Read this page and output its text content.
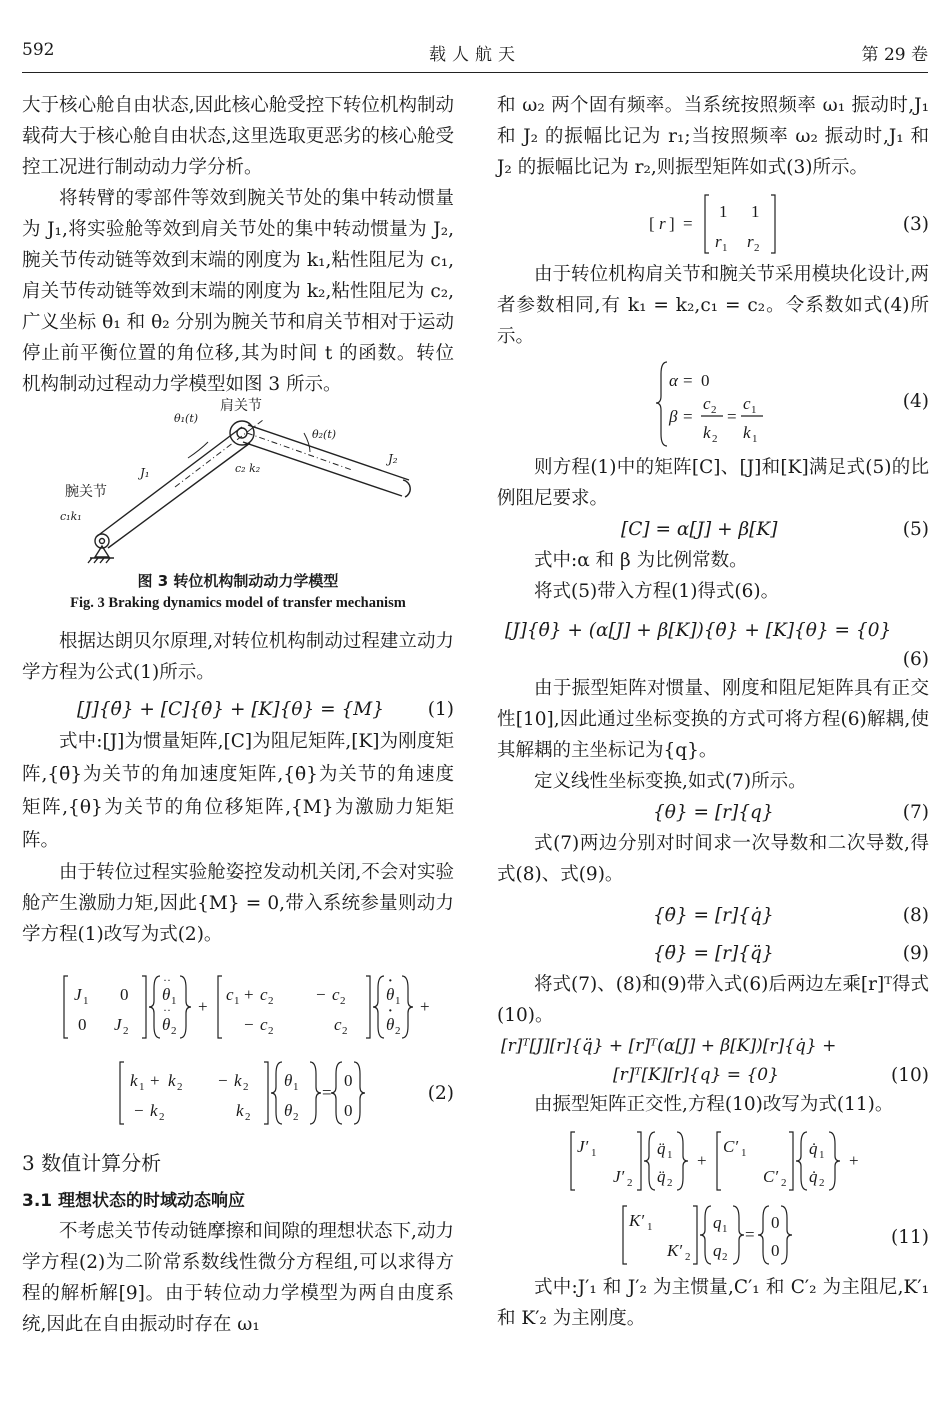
592	载人航天	第 29 卷

大于核心舱自由状态,因此核心舱受控下转位机构制动载荷大于核心舱自由状态,这里选取更恶劣的核心舱受控工况进行制动动力学分析。

将转臂的零部件等效到腕关节处的集中转动惯量为 J₁,将实验舱等效到肩关节处的集中转动惯量为 J₂,腕关节传动链等效到末端的刚度为 k₁,粘性阻尼为 c₁,肩关节传动链等效到末端的刚度为 k₂,粘性阻尼为 c₂,广义坐标 θ₁ 和 θ₂ 分别为腕关节和肩关节相对于运动停止前平衡位置的角位移,其为时间 t 的函数。转位机构制动过程动力学模型如图 3 所示。

肩关节
θ₁(t)
θ₂(t)
J₁
J₂
c₂ k₂
腕关节
c₁k₁
图 3 转位机构制动动力学模型
Fig. 3 Braking dynamics model of transfer mechanism

根据达朗贝尔原理,对转位机构制动过程建立动力学方程为公式(1)所示。

[J]{θ̈} + [C]{θ̇} + [K]{θ} = {M} (1)

式中:[J]为惯量矩阵,[C]为阻尼矩阵,[K]为刚度矩阵,{θ̈}为关节的角加速度矩阵,{θ̇}为关节的角速度矩阵,{θ}为关节的角位移矩阵,{M}为激励力矩矩阵。

由于转位过程实验舱姿控发动机关闭,不会对实验舱产生激励力矩,因此{M} = 0,带入系统参量则动力学方程(1)改写为式(2)。

J 1 0
0 J 2
θ 1
··
θ 2
·· +
c 1 + c 2	− c 2
− c 2	c 2
θ 1
·
θ 2
· +
k 1 + k 2 − k 2
− k 2	k 2
θ 1
θ 2
=
0
0
(2)
3 数值计算分析
3.1 理想状态的时域动态响应

不考虑关节传动链摩擦和间隙的理想状态下,动力学方程(2)为二阶常系数线性微分方程组,可以求得方程的解析解[9]。由于转位动力学模型为两自由度系统,因此在自由振动时存在 ω₁

和 ω₂ 两个固有频率。当系统按照频率 ω₁ 振动时,J₁ 和 J₂ 的振幅比记为 r₁;当按照频率 ω₂ 振动时,J₁ 和 J₂ 的振幅比记为 r₂,则振型矩阵如式(3)所示。

[ r ] =
1 1
r 1 r 2
(3)

由于转位机构肩关节和腕关节采用模块化设计,两者参数相同,有 k₁ = k₂,c₁ = c₂。令系数如式(4)所示。

α = 0
β =
c 2
k 2
=
c 1
k 1
(4)

则方程(1)中的矩阵[C]、[J]和[K]满足式(5)的比例阻尼要求。

[C] = α[J] + β[K]	(5)

式中:α 和 β 为比例常数。

将式(5)带入方程(1)得式(6)。

[J]{θ̈} + (α[J] + β[K]){θ̇} + [K]{θ} = {0}
(6)

由于振型矩阵对惯量、刚度和阻尼矩阵具有正交性[10],因此通过坐标变换的方式可将方程(6)解耦,使其解耦的主坐标记为{q}。

定义线性坐标变换,如式(7)所示。

{θ} = [r]{q}	(7)

式(7)两边分别对时间求一次导数和二次导数,得式(8)、式(9)。

{θ̇} = [r]{q̇}	(8)
{θ̈} = [r]{q̈}	(9)

将式(7)、(8)和(9)带入式(6)后两边左乘[r]ᵀ得式(10)。

[r]ᵀ[J][r]{q̈} + [r]ᵀ(α[J] + β[K])[r]{q̇} +
[r]ᵀ[K][r]{q} = {0}	(10)

由振型矩阵正交性,方程(10)改写为式(11)。

J′ 1
J′ 2
q̈ 1
q̈ 2
+
C′ 1
C′ 2
q̇ 1
q̇ 2
+
K′ 1
K′ 2
q 1
q 2
=
0
0
(11)

式中:J′₁ 和 J′₂ 为主惯量,C′₁ 和 C′₂ 为主阻尼,K′₁ 和 K′₂ 为主刚度。
